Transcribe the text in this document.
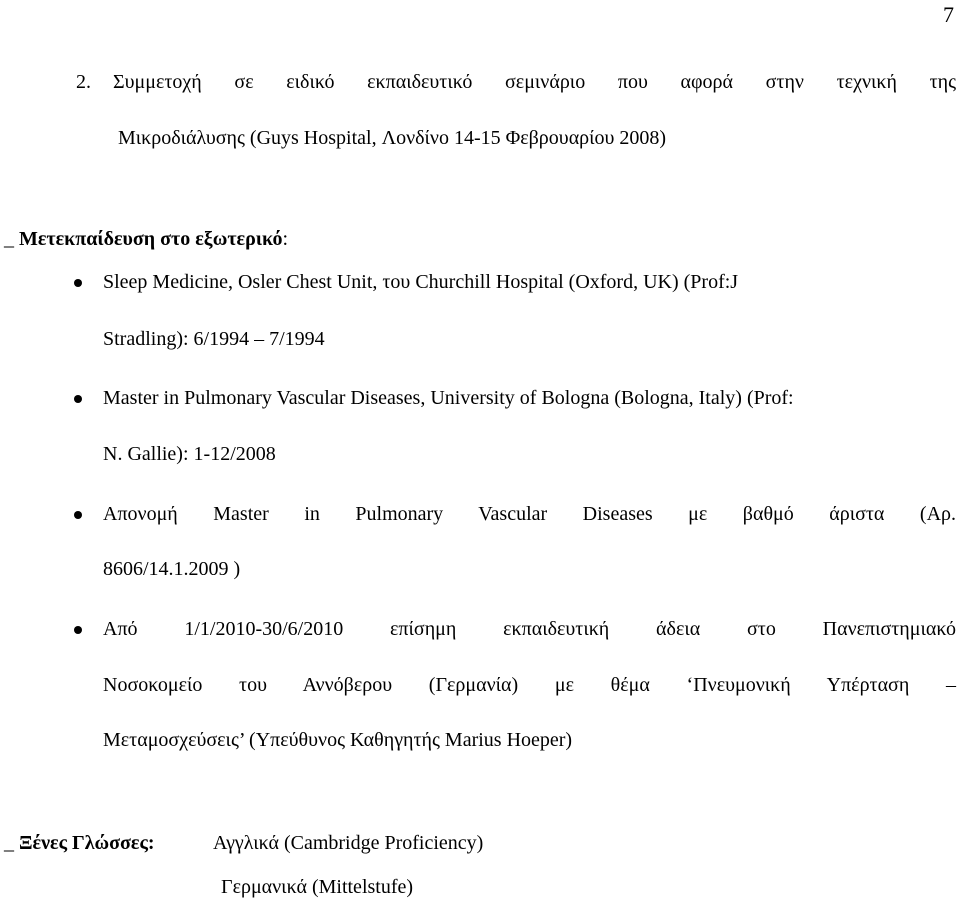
7
2. Συμμετοχή σε ειδικό εκπαιδευτικό σεμινάριο που αφορά στην τεχνική της
Μικροδιάλυσης (Guys Hospital, Λονδίνο 14-15 Φεβρουαρίου 2008)
_ Μετεκπαίδευση στο εξωτερικό:
Sleep Medicine, Osler Chest Unit, του Churchill Hospital (Oxford, UK) (Prof:J
Stradling): 6/1994 – 7/1994
Master in Pulmonary Vascular Diseases, University of Bologna (Bologna, Italy) (Prof:
N. Gallie): 1-12/2008
Απονομή Master in Pulmonary Vascular Diseases με βαθμό άριστα (Αρ.
8606/14.1.2009 )
Από 1/1/2010-30/6/2010 επίσημη εκπαιδευτική άδεια στο Πανεπιστημιακό
Νοσοκομείο του Αννόβερου (Γερμανία) με θέμα ‘Πνευμονική Υπέρταση –
Μεταμοσχεύσεις’ (Υπεύθυνος Καθηγητής Marius Hoeper)
_ Ξένες Γλώσσες:	Αγγλικά (Cambridge Proficiency)
Γερμανικά (Mittelstufe)
